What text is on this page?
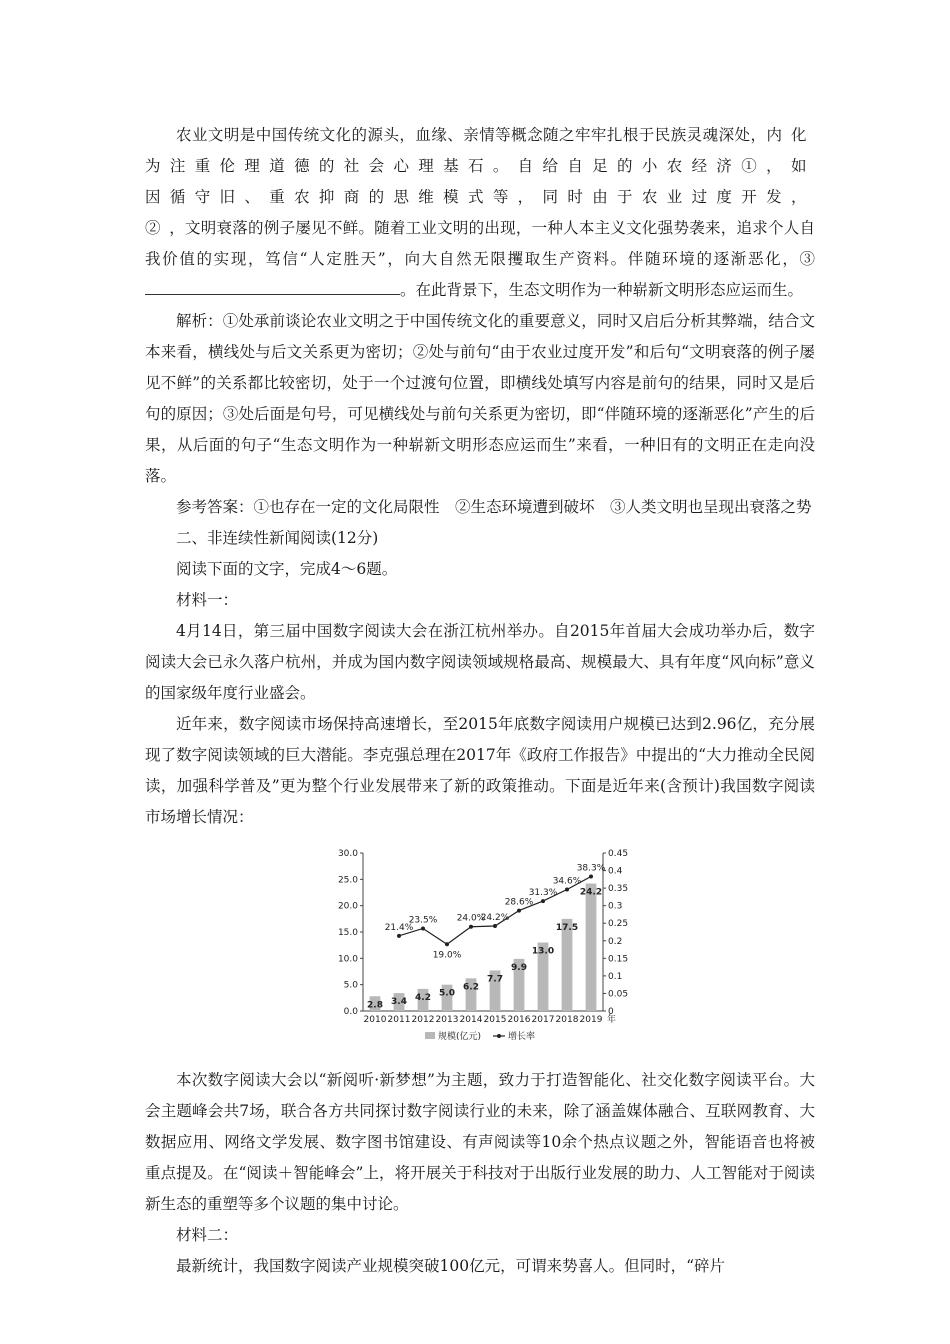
农业文明是中国传统文化的源头，血缘、亲情等概念随之牢牢扎根于民族灵魂深处，内化为注重伦理道德的社会心理基石。自给自足的小农经济①，如因循守旧、重农抑商的思维模式等，同时由于农业过度开发，②，文明衰落的例子屡见不鲜。随着工业文明的出现，一种人本主义文化强势袭来，追求个人自我价值的实现，笃信“人定胜天”，向大自然无限攫取生产资料。伴随环境的逐渐恶化，③。在此背景下，生态文明作为一种崭新文明形态应运而生。

解析：①处承前谈论农业文明之于中国传统文化的重要意义，同时又启后分析其弊端，结合文本来看，横线处与后文关系更为密切；②处与前句“由于农业过度开发”和后句“文明衰落的例子屡见不鲜”的关系都比较密切，处于一个过渡句位置，即横线处填写内容是前句的结果，同时又是后句的原因；③处后面是句号，可见横线处与前句关系更为密切，即“伴随环境的逐渐恶化”产生的后果，从后面的句子“生态文明作为一种崭新文明形态应运而生”来看，一种旧有的文明正在走向没落。

参考答案：①也存在一定的文化局限性　②生态环境遭到破坏　③人类文明也呈现出衰落之势

二、非连续性新闻阅读(12分)

阅读下面的文字，完成4～6题。

材料一：

4月14日，第三届中国数字阅读大会在浙江杭州举办。自2015年首届大会成功举办后，数字阅读大会已永久落户杭州，并成为国内数字阅读领域规格最高、规模最大、具有年度“风向标”意义的国家级年度行业盛会。

近年来，数字阅读市场保持高速增长，至2015年底数字阅读用户规模已达到2.96亿，充分展现了数字阅读领域的巨大潜能。李克强总理在2017年《政府工作报告》中提出的“大力推动全民阅读，加强科学普及”更为整个行业发展带来了新的政策推动。下面是近年来(含预计)我国数字阅读市场增长情况：

0.0
5.0
10.0
15.0
20.0
25.0
30.0
0
0.05
0.1
0.15
0.2
0.25
0.3
0.35
0.4
0.45
2.8
2010
3.4
2011
4.2
2012
5.0
2013
6.2
2014
7.7
2015
9.9
2016
13.0
2017
17.5
2018
24.2
2019 年
21.4%
23.5%
19.0%
24.0%
24.2%
28.6%
31.3%
34.6%
38.3%
规模(亿元)	增长率

本次数字阅读大会以“新阅听·新梦想”为主题，致力于打造智能化、社交化数字阅读平台。大会主题峰会共7场，联合各方共同探讨数字阅读行业的未来，除了涵盖媒体融合、互联网教育、大数据应用、网络文学发展、数字图书馆建设、有声阅读等10余个热点议题之外，智能语音也将被重点提及。在“阅读＋智能峰会”上，将开展关于科技对于出版行业发展的助力、人工智能对于阅读新生态的重塑等多个议题的集中讨论。

材料二：

最新统计，我国数字阅读产业规模突破100亿元，可谓来势喜人。但同时，“碎片
